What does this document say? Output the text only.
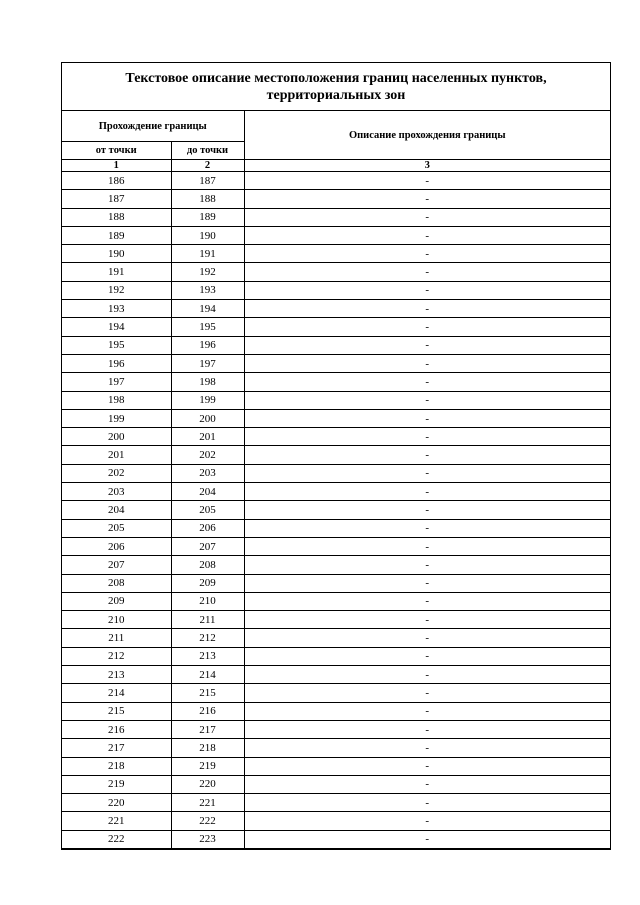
Текстовое описание местоположения границ населенных пунктов,
территориальных зон
Прохождение границы		Описание прохождения границы
от точки	до точки	
1	2	3
186	187	-
187	188	-
188	189	-
189	190	-
190	191	-
191	192	-
192	193	-
193	194	-
194	195	-
195	196	-
196	197	-
197	198	-
198	199	-
199	200	-
200	201	-
201	202	-
202	203	-
203	204	-
204	205	-
205	206	-
206	207	-
207	208	-
208	209	-
209	210	-
210	211	-
211	212	-
212	213	-
213	214	-
214	215	-
215	216	-
216	217	-
217	218	-
218	219	-
219	220	-
220	221	-
221	222	-
222	223	-
